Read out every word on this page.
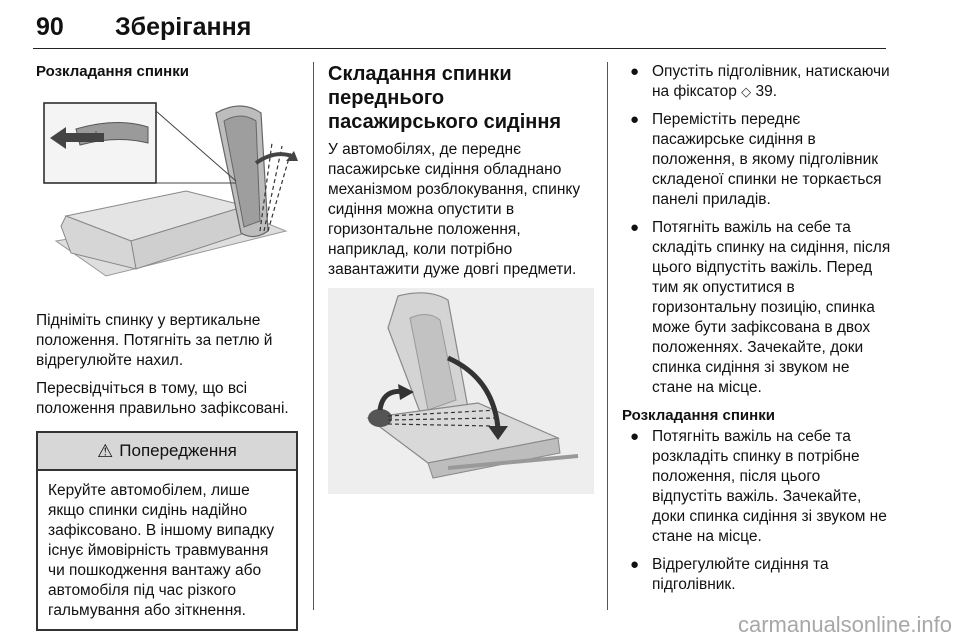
90 Зберігання
Розкладання спинки

Підніміть спинку у вертикальне положення. Потягніть за петлю й відрегулюйте нахил.

Пересвідчіться в тому, що всі положення правильно зафіксовані.

⚠ Попередження

Керуйте автомобілем, лише якщо спинки сидінь надійно зафіксовано. В іншому випадку існує ймовірність травмування чи пошкодження вантажу або автомобіля під час різкого гальмування або зіткнення.

Складання спинки переднього пасажирського сидіння

У автомобілях, де переднє пасажирське сидіння обладнано механізмом розблокування, спинку сидіння можна опустити в горизонтальне положення, наприклад, коли потрібно завантажити дуже довгі предмети.

● Опустіть підголівник, натискаючи на фіксатор ◇ 39.
● Перемістіть переднє пасажирське сидіння в положення, в якому підголівник складеної спинки не торкається панелі приладів.
● Потягніть важіль на себе та складіть спинку на сидіння, після цього відпустіть важіль. Перед тим як опуститися в горизонтальну позицію, спинка може бути зафіксована в двох положеннях. Зачекайте, доки спинка сидіння зі звуком не стане на місце.
Розкладання спинки
● Потягніть важіль на себе та розкладіть спинку в потрібне положення, після цього відпустіть важіль. Зачекайте, доки спинка сидіння зі звуком не стане на місце.
● Відрегулюйте сидіння та підголівник.
carmanualsonline.info
